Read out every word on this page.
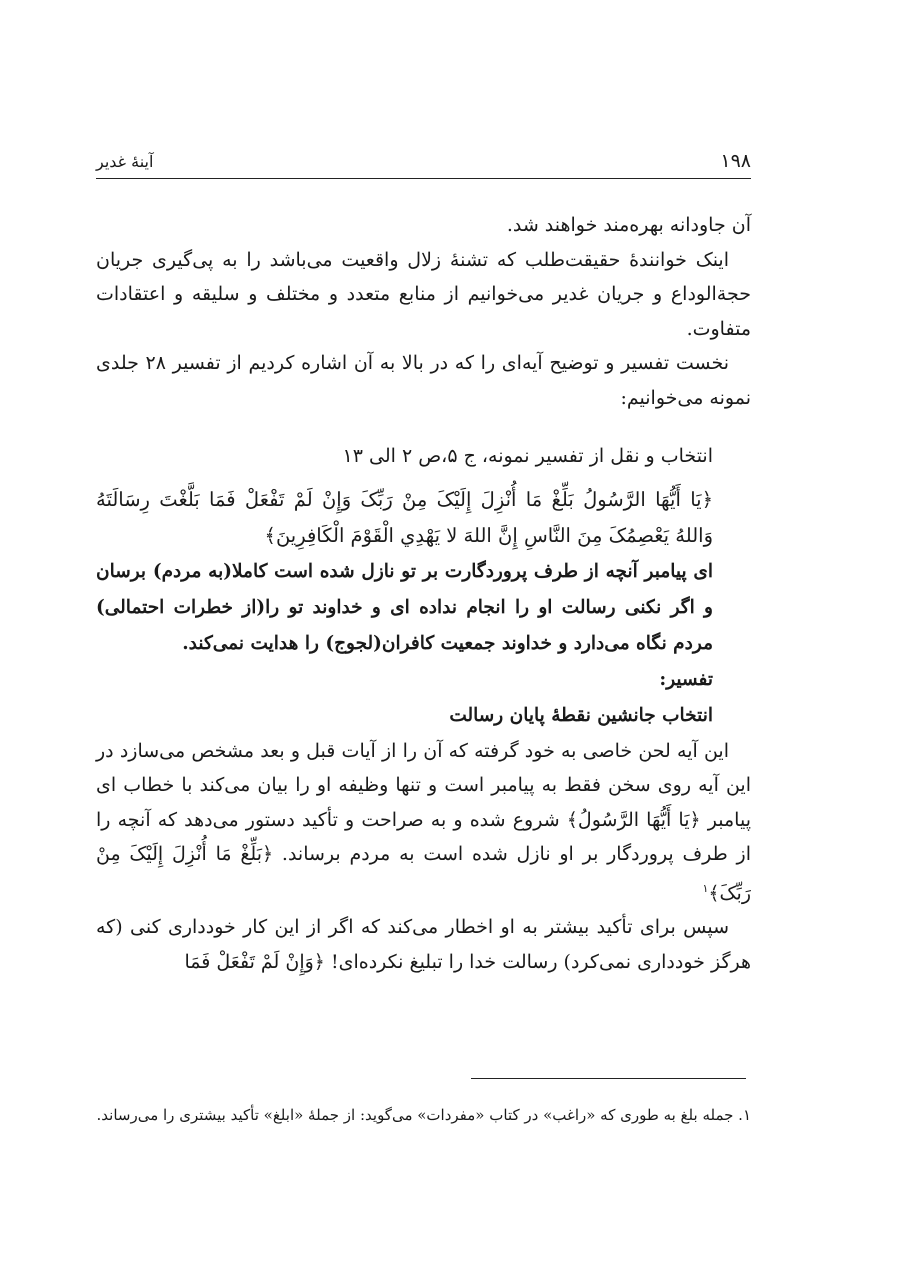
۱۹۸
آینهٔ غدیر

آن جاودانه بهره‌مند خواهند شد.

اینک خوانندهٔ حقیقت‌طلب که تشنهٔ زلال واقعیت می‌باشد را به پی‌گیری جریان حجةالوداع و جریان غدیر می‌خوانیم از منابع متعدد و مختلف و سلیقه و اعتقادات متفاوت.

نخست تفسیر و توضیح آیه‌ای را که در بالا به آن اشاره کردیم از تفسیر ۲۸ جلدی نمونه می‌خوانیم:

انتخاب و نقل از تفسیر نمونه، ج ۵،ص ۲ الی ۱۳

﴿یَا أَیُّهَا الرَّسُولُ بَلِّغْ مَا أُنْزِلَ إِلَیْکَ مِنْ رَبِّکَ وَإِنْ لَمْ تَفْعَلْ فَمَا بَلَّغْتَ رِسَالَتَهُ وَاللهُ یَعْصِمُکَ مِنَ النَّاسِ إِنَّ اللهَ لا یَهْدِي الْقَوْمَ الْکَافِرِینَ﴾

ای پیامبر آنچه از طرف پروردگارت بر تو نازل شده است کاملا(به مردم) برسان و اگر نکنی رسالت او را انجام نداده ای و خداوند تو را(از خطرات احتمالی) مردم نگاه می‌دارد و خداوند جمعیت کافران(لجوج) را هدایت نمی‌کند.

تفسیر:

انتخاب جانشین نقطهٔ پایان رسالت

این آیه لحن خاصی به خود گرفته که آن را از آیات قبل و بعد مشخص می‌سازد در این آیه روی سخن فقط به پیامبر است و تنها وظیفه او را بیان می‌کند با خطاب ای پیامبر ﴿یَا أَیُّهَا الرَّسُولُ﴾ شروع شده و به صراحت و تأکید دستور می‌دهد که آنچه را از طرف پروردگار بر او نازل شده است به مردم برساند. ﴿بَلِّغْ مَا أُنْزِلَ إِلَیْکَ مِنْ رَبِّکَ﴾$^۱$

سپس برای تأکید بیشتر به او اخطار می‌کند که اگر از این کار خودداری کنی (که هرگز خودداری نمی‌کرد) رسالت خدا را تبلیغ نکرده‌ای! ﴿وَإِنْ لَمْ تَفْعَلْ فَمَا

۱. جمله بلغ به طوری که «راغب» در کتاب «مفردات» می‌گوید: از جملهٔ «ابلغ» تأکید بیشتری را می‌رساند.
